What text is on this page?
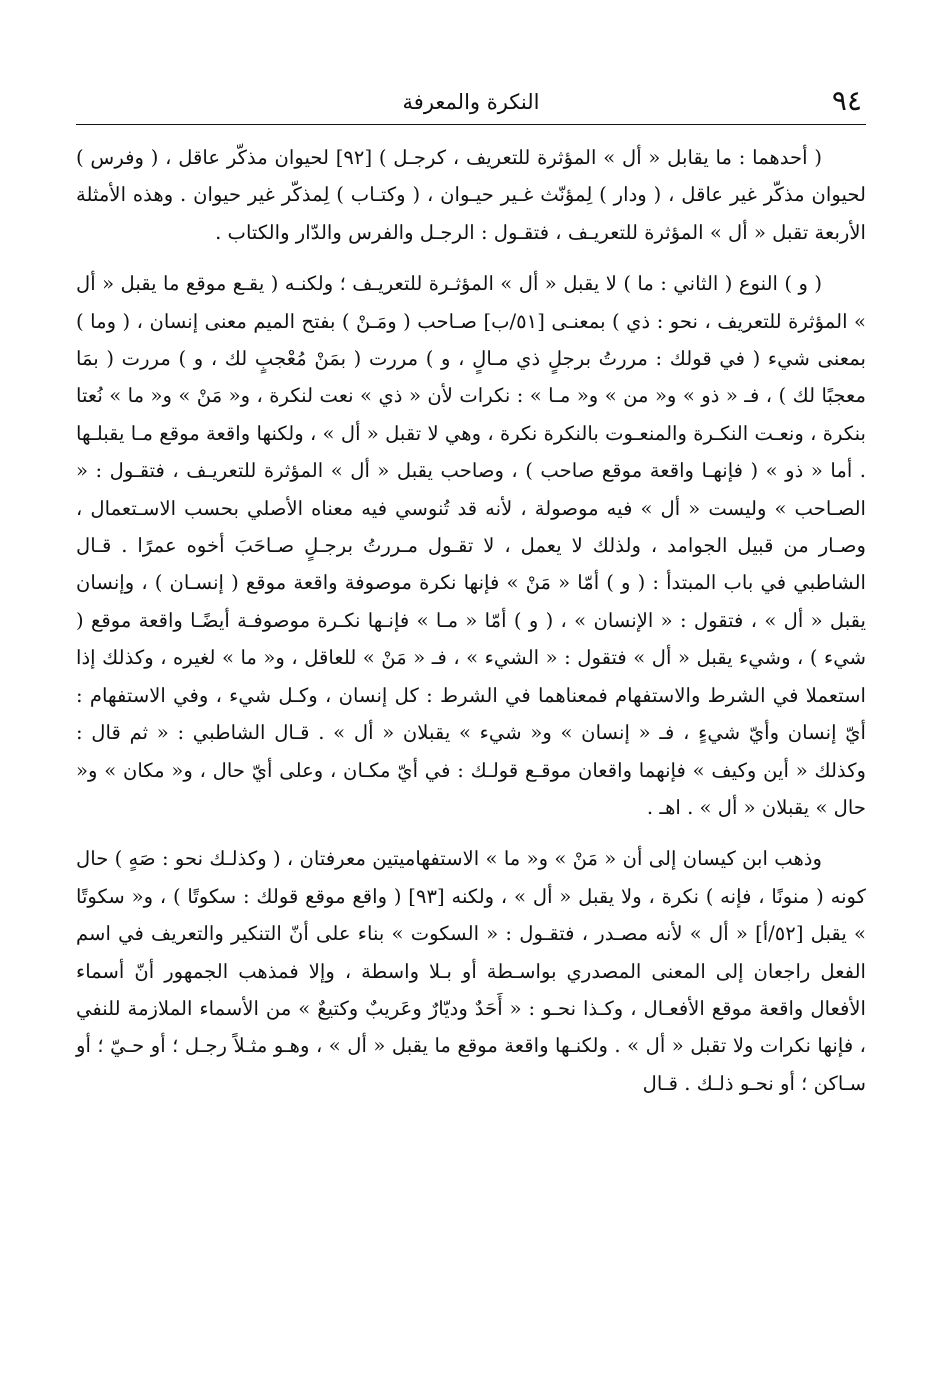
٩٤
النكرة والمعرفة

( أحدهما : ما يقابل « أل » المؤثرة للتعريف ، كرجـل ) [٩٢] لحيوان مذكّر عاقل ، ( وفرس ) لحيوان مذكّر غير عاقل ، ( ودار ) لِمؤنّث غـير حيـوان ، ( وكتـاب ) لِمذكّر غير حيوان . وهذه الأمثلة الأربعة تقبل « أل » المؤثرة للتعريـف ، فتقـول : الرجـل والفرس والدّار والكتاب .

( و ) النوع ( الثاني : ما ) لا يقبل « أل » المؤثـرة للتعريـف ؛ ولكنـه ( يقـع موقع ما يقبل « أل » المؤثرة للتعريف ، نحو : ذي ) بمعنـى [٥١/ب] صـاحب ( ومَـنْ ) بفتح الميم معنى إنسان ، ( وما ) بمعنى شيء ( في قولك : مررتُ برجلٍ ذي مـالٍ ، و ) مررت ( بمَنْ مُعْجبٍ لك ، و ) مررت ( بمَا معجبًا لك ) ، فـ « ذو » و« من » و« مـا » : نكرات لأن « ذي » نعت لنكرة ، و« مَنْ » و« ما » نُعتا بنكرة ، ونعـت النكـرة والمنعـوت بالنكرة نكرة ، وهي لا تقبل « أل » ، ولكنها واقعة موقع مـا يقبلـها . أما « ذو » ( فإنهـا واقعة موقع صاحب ) ، وصاحب يقبل « أل » المؤثرة للتعريـف ، فتقـول : « الصـاحب » وليست « أل » فيه موصولة ، لأنه قد تُنوسي فيه معناه الأصلي بحسب الاسـتعمال ، وصـار من قبيل الجوامد ، ولذلك لا يعمل ، لا تقـول مـررتُ برجـلٍ صـاحَبَ أخوه عمرًا . قـال الشاطبي في باب المبتدأ : ( و ) أمّا « مَنْ » فإنها نكرة موصوفة واقعة موقع ( إنسـان ) ، وإنسان يقبل « أل » ، فتقول : « الإنسان » ، ( و ) أمّا « مـا » فإنـها نكـرة موصوفـة أيضًـا واقعة موقع ( شيء ) ، وشيء يقبل « أل » فتقول : « الشيء » ، فـ « مَنْ » للعاقل ، و« ما » لغيره ، وكذلك إذا استعملا في الشرط والاستفهام فمعناهما في الشرط : كل إنسان ، وكـل شيء ، وفي الاستفهام : أيّ إنسان وأيّ شيءٍ ، فـ « إنسان » و« شيء » يقبلان « أل » . قـال الشاطبي : « ثم قال : وكذلك « أين وكيف » فإنهما واقعان موقـع قولـك : في أيّ مكـان ، وعلى أيّ حال ، و« مكان » و« حال » يقبلان « أل » . اهـ .

وذهب ابن كيسان إلى أن « مَنْ » و« ما » الاستفهاميتين معرفتان ، ( وكذلـك نحو : صَهٍ ) حال كونه ( منونًا ، فإنه ) نكرة ، ولا يقبل « أل » ، ولكنه [٩٣] ( واقع موقع قولك : سكوتًا ) ، و« سكوتًا » يقبل [٥٢/أ] « أل » لأنه مصـدر ، فتقـول : « السكوت » بناء على أنّ التنكير والتعريف في اسم الفعل راجعان إلى المعنى المصدري بواسـطة أو بـلا واسطة ، وإلا فمذهب الجمهور أنّ أسماء الأفعال واقعة موقع الأفعـال ، وكـذا نحـو : « أَحَدٌ وديّارٌ وعَريبٌ وكتيعٌ » من الأسماء الملازمة للنفي ، فإنها نكرات ولا تقبل « أل » . ولكنـها واقعة موقع ما يقبل « أل » ، وهـو مثـلاً رجـل ؛ أو حـيّ ؛ أو سـاكن ؛ أو نحـو ذلـك . قـال
